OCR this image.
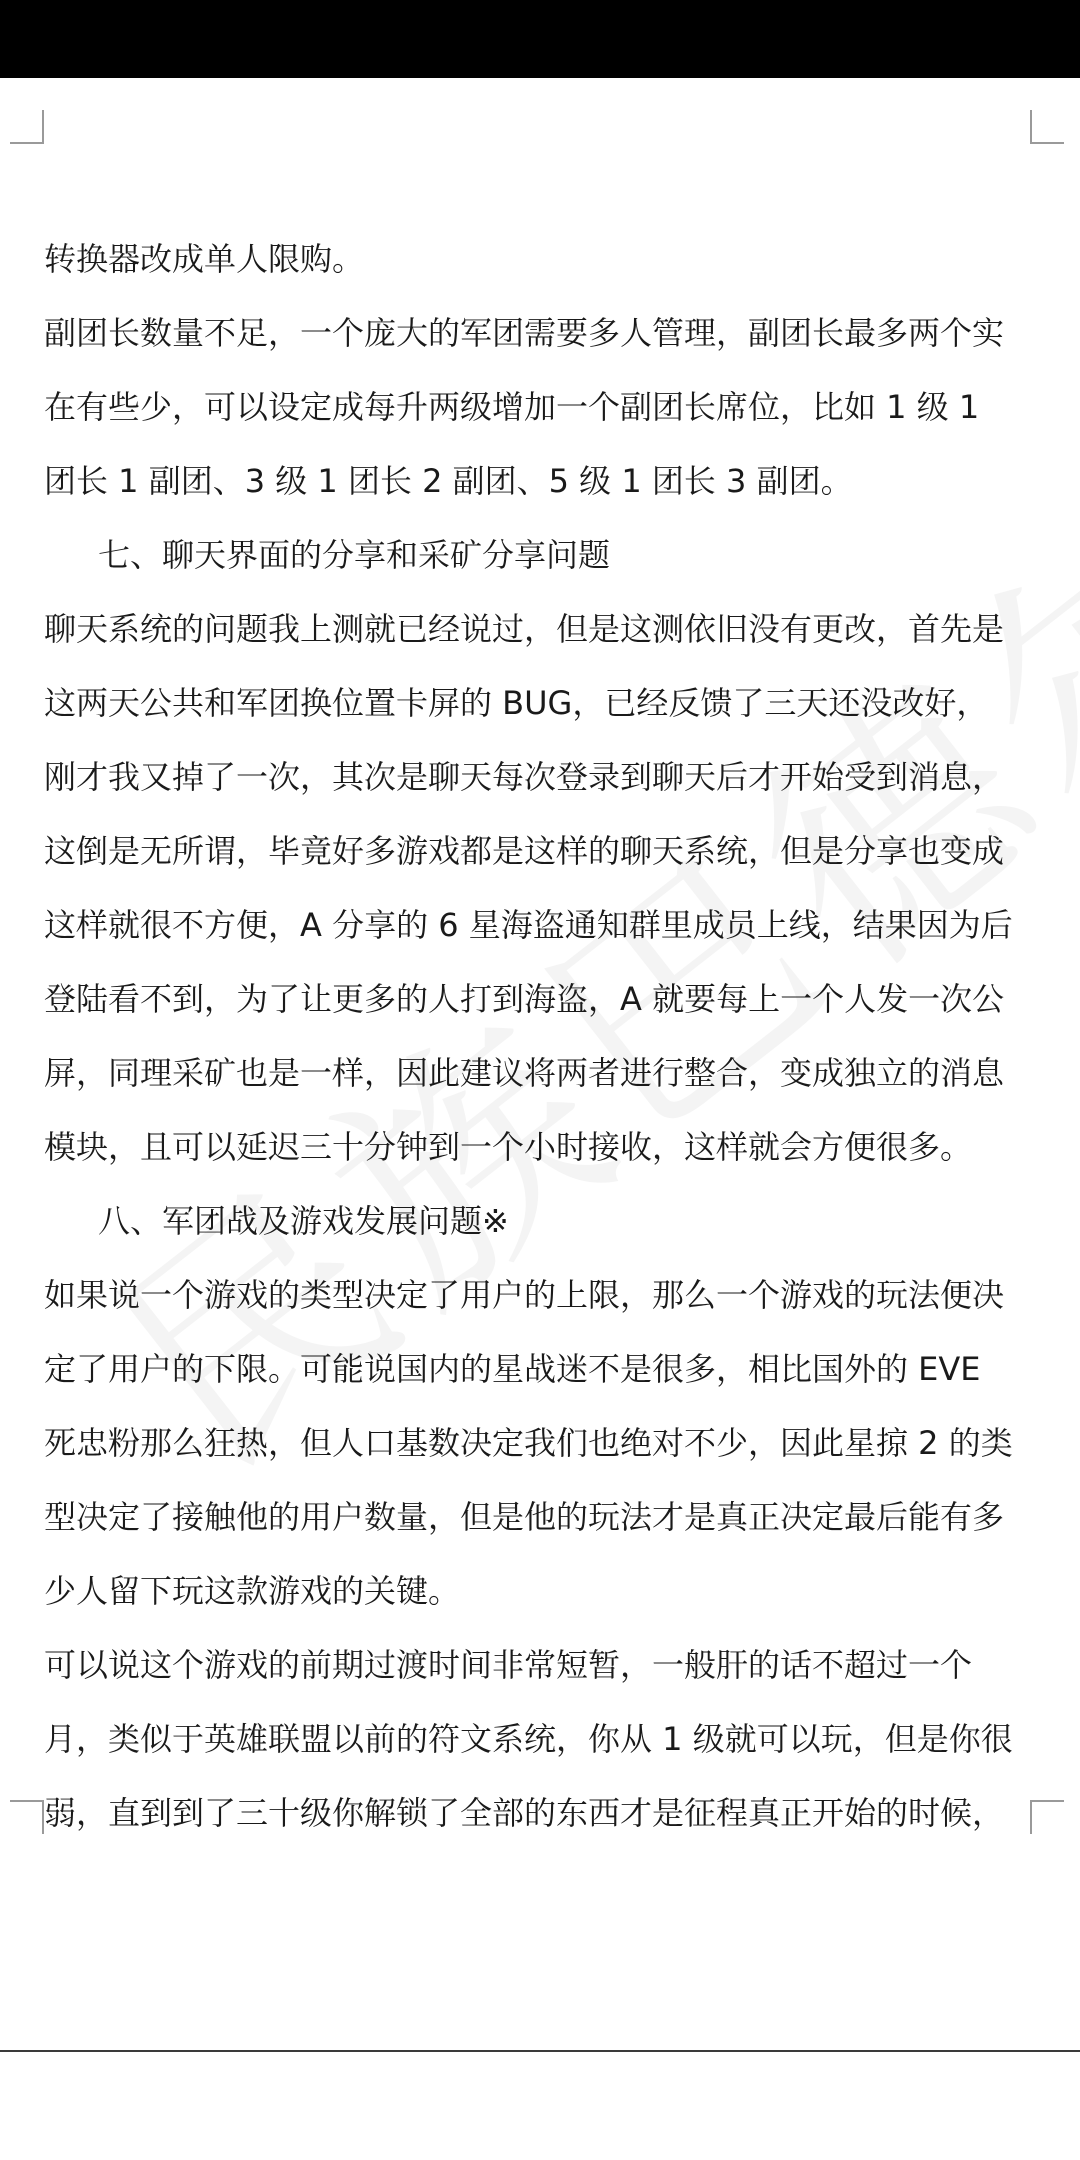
转换器改成单人限购。
副团长数量不足，一个庞大的军团需要多人管理，副团长最多两个实
在有些少，可以设定成每升两级增加一个副团长席位，比如 1 级 1
团长 1 副团、3 级 1 团长 2 副团、5 级 1 团长 3 副团。
七、聊天界面的分享和采矿分享问题
聊天系统的问题我上测就已经说过，但是这测依旧没有更改，首先是
这两天公共和军团换位置卡屏的 BUG，已经反馈了三天还没改好，
刚才我又掉了一次，其次是聊天每次登录到聊天后才开始受到消息，
这倒是无所谓，毕竟好多游戏都是这样的聊天系统，但是分享也变成
这样就很不方便，A 分享的 6 星海盗通知群里成员上线，结果因为后
登陆看不到，为了让更多的人打到海盗，A 就要每上一个人发一次公
屏，同理采矿也是一样，因此建议将两者进行整合，变成独立的消息
模块，且可以延迟三十分钟到一个小时接收，这样就会方便很多。
八、军团战及游戏发展问题※
如果说一个游戏的类型决定了用户的上限，那么一个游戏的玩法便决
定了用户的下限。可能说国内的星战迷不是很多，相比国外的 EVE
死忠粉那么狂热，但人口基数决定我们也绝对不少，因此星掠 2 的类
型决定了接触他的用户数量，但是他的玩法才是真正决定最后能有多
少人留下玩这款游戏的关键。
可以说这个游戏的前期过渡时间非常短暂，一般肝的话不超过一个
月，类似于英雄联盟以前的符文系统，你从 1 级就可以玩，但是你很
弱，直到到了三十级你解锁了全部的东西才是征程真正开始的时候，
